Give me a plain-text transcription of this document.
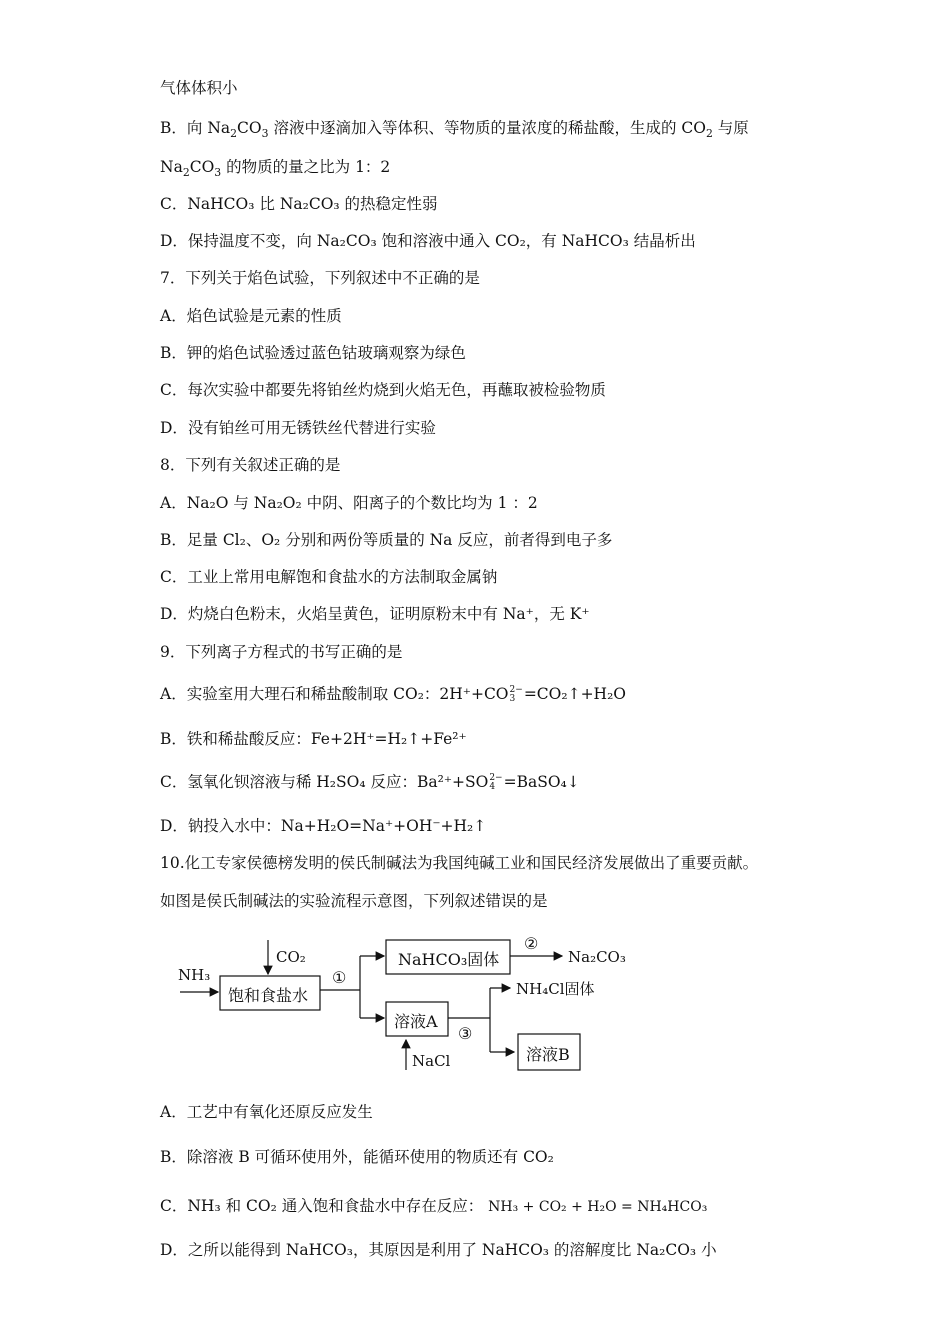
气体体积小
B．向 $Na_2CO_3$ 溶液中逐滴加入等体积、等物质的量浓度的稀盐酸，生成的 $CO_2$ 与原
$Na_2CO_3$ 的物质的量之比为 1：2
C．NaHCO₃ 比 Na₂CO₃ 的热稳定性弱
D．保持温度不变，向 Na₂CO₃ 饱和溶液中通入 CO₂，有 NaHCO₃ 结晶析出
7．下列关于焰色试验，下列叙述中不正确的是
A．焰色试验是元素的性质
B．钾的焰色试验透过蓝色钴玻璃观察为绿色
C．每次实验中都要先将铂丝灼烧到火焰无色，再蘸取被检验物质
D．没有铂丝可用无锈铁丝代替进行实验
8．下列有关叙述正确的是
A．Na₂O 与 Na₂O₂ 中阴、阳离子的个数比均为 1 ：2
B．足量 Cl₂、O₂ 分别和两份等质量的 Na 反应，前者得到电子多
C．工业上常用电解饱和食盐水的方法制取金属钠
D．灼烧白色粉末，火焰呈黄色，证明原粉末中有 Na⁺，无 K⁺
9．下列离子方程式的书写正确的是
A．实验室用大理石和稀盐酸制取 CO₂：2H⁺+CO 2−
3 =CO₂↑+H₂O
B．铁和稀盐酸反应：Fe+2H⁺=H₂↑+Fe²⁺
C．氢氧化钡溶液与稀 H₂SO₄ 反应：Ba²⁺+SO 2−
4 =BaSO₄↓
D．钠投入水中：Na+H₂O=Na⁺+OH⁻+H₂↑
10.化工专家侯德榜发明的侯氏制碱法为我国纯碱工业和国民经济发展做出了重要贡献。
如图是侯氏制碱法的实验流程示意图，下列叙述错误的是
NH₃
CO₂
饱和食盐水
①
NaHCO₃固体
②
Na₂CO₃
溶液A
NH₄Cl固体
③
溶液B
NaCl
A．工艺中有氧化还原反应发生
B．除溶液 B 可循环使用外，能循环使用的物质还有 CO₂
C．NH₃ 和 CO₂ 通入饱和食盐水中存在反应： NH₃ + CO₂ + H₂O = NH₄HCO₃
D．之所以能得到 NaHCO₃，其原因是利用了 NaHCO₃ 的溶解度比 Na₂CO₃ 小
